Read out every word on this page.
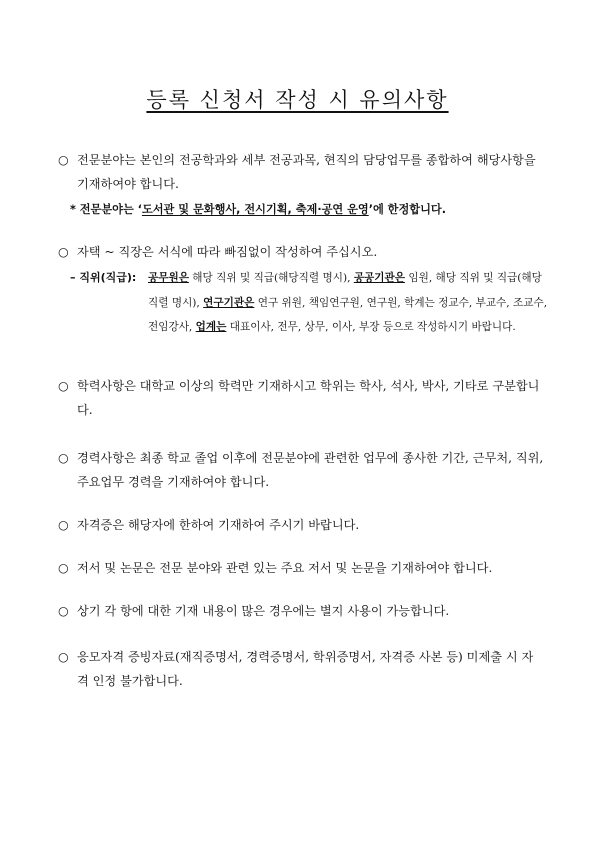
등록 신청서 작성 시 유의사항
○ 전문분야는 본인의 전공학과와 세부 전공과목, 현직의 담당업무를 종합하여 해당사항을 기재하여야 합니다.
* 전문분야는 ‘도서관 및 문화행사, 전시기획, 축제·공연 운영’에 한정합니다.
○ 자택 ~ 직장은 서식에 따라 빠짐없이 작성하여 주십시오.
– 직위(직급): 공무원은 해당 직위 및 직급(해당직렬 명시), 공공기관은 임원, 해당 직위 및 직급(해당직렬 명시), 연구기관은 연구 위원, 책임연구원, 연구원, 학계는 정교수, 부교수, 조교수, 전임강사, 업계는 대표이사, 전무, 상무, 이사, 부장 등으로 작성하시기 바랍니다.
○ 학력사항은 대학교 이상의 학력만 기재하시고 학위는 학사, 석사, 박사, 기타로 구분합니다.
○ 경력사항은 최종 학교 졸업 이후에 전문분야에 관련한 업무에 종사한 기간, 근무처, 직위, 주요업무 경력을 기재하여야 합니다.
○ 자격증은 해당자에 한하여 기재하여 주시기 바랍니다.
○ 저서 및 논문은 전문 분야와 관련 있는 주요 저서 및 논문을 기재하여야 합니다.
○ 상기 각 항에 대한 기재 내용이 많은 경우에는 별지 사용이 가능합니다.
○ 응모자격 증빙자료(재직증명서, 경력증명서, 학위증명서, 자격증 사본 등) 미제출 시 자격 인정 불가합니다.
